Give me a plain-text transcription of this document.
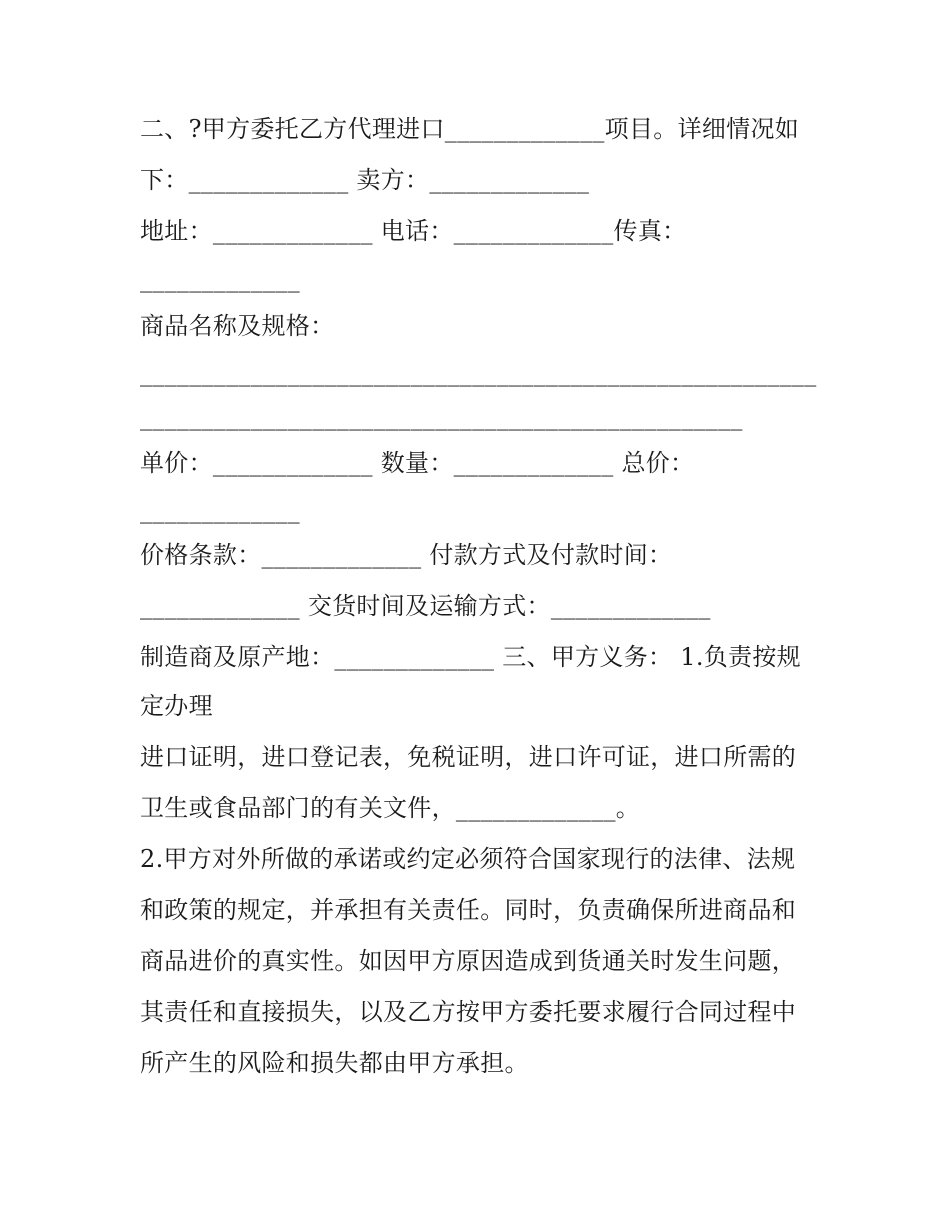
二、?甲方委托乙方代理进口_____________项目。详细情况如
下：_____________ 卖方：_____________
地址：_____________ 电话：_____________传真：
_____________
商品名称及规格：
_______________________________________________________
_________________________________________________
单价：_____________ 数量：_____________ 总价：
_____________
价格条款：_____________ 付款方式及付款时间：
_____________ 交货时间及运输方式：_____________
制造商及原产地：_____________ 三、甲方义务： 1.负责按规
定办理
进口证明，进口登记表，免税证明，进口许可证，进口所需的
卫生或食品部门的有关文件，_____________。
2.甲方对外所做的承诺或约定必须符合国家现行的法律、法规
和政策的规定，并承担有关责任。同时，负责确保所进商品和
商品进价的真实性。如因甲方原因造成到货通关时发生问题，
其责任和直接损失，以及乙方按甲方委托要求履行合同过程中
所产生的风险和损失都由甲方承担。
